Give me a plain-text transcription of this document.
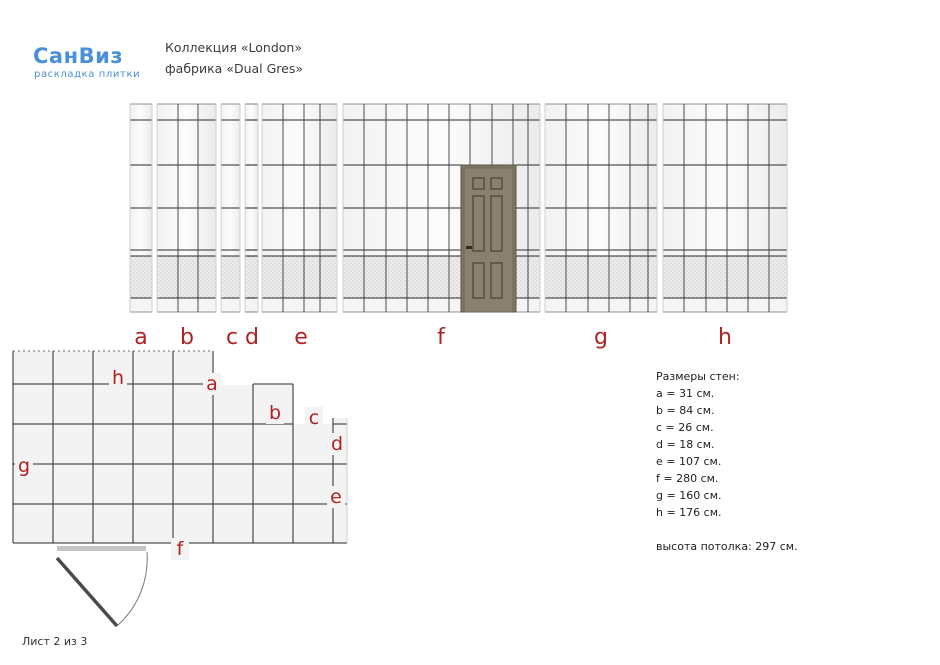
СанВиз
раскладка плитки
Коллекция «London»
фабрика «Dual Gres»
a b c d e	f	g	h
h	a
b c
d
g
e
f
Размеры стен:
a = 31 см.
b = 84 см.
c = 26 см.
d = 18 см.
e = 107 см.
f = 280 см.
g = 160 см.
h = 176 см.
высота потолка: 297 см.
Лист 2 из 3
